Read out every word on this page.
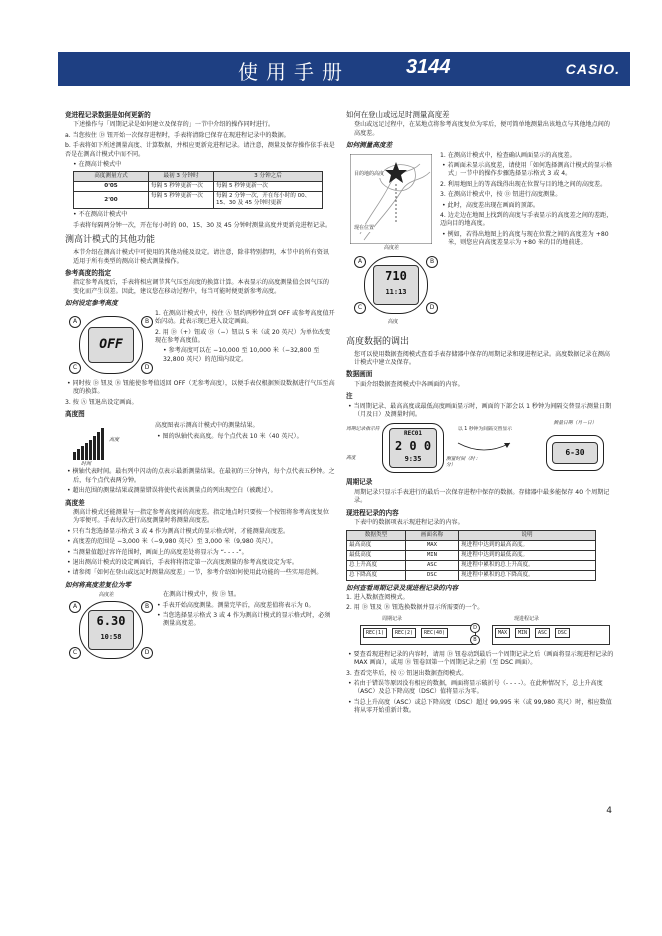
使用手册	3144	CASIO.

竞进程记录数据是如何更新的

下述操作与「周期记录是如何建立及保存的」一节中介绍的操作同时进行。

a. 当您按住 Ⓓ 钮开始一次保存进程时，手表将清除已保存在现进程记录中的数据。

b. 手表将如下所述测量高度、计算数据，并相应更新竞进程记录。请注意，测量及保存操作依手表是否是在测高计模式中而不同。

• 在测高计模式中

高度测量方式	最初 3 分钟时	3 分钟之后
0'05	每隔 5 秒钟更新一次	每隔 5 秒钟更新一次
2'00	每隔 5 秒钟更新一次	每隔 2 分钟一次，开在每小时的 00、15、30 及 45 分钟时更新

• 不在测高计模式中

手表将每隔两分钟一次，开在每小时的 00、15、30 及 45 分钟时测量高度并更新竞进程记录。

测高计模式的其他功能

本节介绍在测高计模式中可使用的其他功能及设定。请注意，除非特别指明，本节中的所有资讯适用于所有类型的测高计模式测量操作。

参考高度的指定

指定参考高度后，手表将相应调节其气压至高度的换算计算。本表显示的高度测量值会因气压的变化而产生误差。因此，建议您在移动过程中，每当可能时便更新参考高度。

如何设定参考高度

OFF
A	B
C	D

1. 在测高计模式中，按住 Ⓐ 钮约两秒钟直到 OFF 或参考高度值开始闪动。此表示现已进入设定画面。

2. 用 Ⓓ（+）钮或 Ⓑ（−）钮以 5 米（或 20 英尺）为单位改变现在参考高度值。

• 参考高度可以在 −10,000 至 10,000 米（−32,800 至 32,800 英尺）的范围内设定。

• 同时按 Ⓓ 钮及 Ⓑ 钮能使参考值返回 OFF（无参考高度），以便手表仅根据预设数据进行气压至高度的换算。

3. 按 Ⓐ 钮退出设定画面。

高度图

高度
时间

高度图表示测高计模式中的测量结果。

• 图的纵轴代表高度。每个点代表 10 米（40 英尺）。

• 横轴代表时间。最右列中闪动的点表示最新测量结果。在最初的三分钟内，每个点代表五秒钟。之后，每个点代表两分钟。

• 超出范围的测量结果或测量错误将使代表该测量点的列出现空白（被跳过）。

高度差

测高计模式还能测量与一指定参考高度间的高度差。指定地点时只要按一个按钮将参考高度复位为零便可。手表每次进行高度测量时将测量高度差。

• 只有当您选择显示格式 3 或 4 作为测高计模式的显示格式时，才能测量高度差。

• 高度差的范围是 −3,000 米（−9,980 英尺）至 3,000 米（9,980 英尺）。

• 当测量值超过容许范围时，画面上的高度差处将显示为 “- - - -”。

• 退出测高计模式的设定画面后，手表将将指定第一次高度测量的参考高度设定为零。

• 请参阅「如何在登山或远足时测量高度差」一节，参考介绍如何使用此功能的一些实用范例。

如何将高度差复位为零

高度差
6.30
10:58
A	B
C	D

在测高计模式中，按 Ⓓ 钮。

• 手表开始高度测量。测量完毕后，高度差值将表示为 0。

• 当您选择显示格式 3 或 4 作为测高计模式的显示格式时，必须测量高度差。

如何在登山或远足时测量高度差

登山或远足过程中，在某地点将参考高度复位为零后，便可简单地测量出该地点与其他地点间的高度差。

如何测量高度差

目的地的高度
现在位置
高度差
710
11:13
A	B
C	D
高度

1. 在测高计模式中，检查确认画面显示的高度差。

• 若画面未显示高度差，请使用「如何选择测高计模式的显示格式」一节中的操作步骤选择显示格式 3 或 4。

2. 利用地图上的等高线得出现在位置与目的地之间的高度差。

3. 在测高计模式中，按 Ⓓ 钮进行高度测量。

• 此时，高度差出现在画面的顶部。

4. 边走边在地图上找到的高度与手表显示的高度差之间的差距，迈向目的地高度。

• 例如，若得出地图上的高度与现在位置之间的高度差为 +80 米，则您应向高度差显示为 +80 米的目的地前进。

高度数据的调出

您可以使用数据查阅模式查看手表存储器中保存的周期记录和现进程记录。高度数据记录在测高计模式中建立及保存。

数据画面

下面介绍数据查阅模式中各画面的内容。

注

• 当周期记录、最高高度或最低高度画面显示时，画面的下部会以 1 秒钟为间隔交替显示测量日期（月及日）及测量时间。

周期记录指示符
高度
REC01
2 0 0
9:35
以 1 秒钟为间隔交替显示
测量时间（时 : 分）
测量日期（月－日）
6-30

周期记录

周期记录只显示手表进行的最后一次保存进程中保存的数据。存储器中最多能保存 40 个周期记录。

现进程记录的内容

下表中的数据项表示现进程记录的内容。

数据类型	画面名称	说明
最高高度	MAX	现进程中达到的最高高度。
最低高度	MIN	现进程中达到的最低高度。
总上升高度	ASC	现进程中累积的总上升高度。
总下降高度	DSC	现进程中累积的总下降高度。

如何查看周期记录及现进程记录的内容

1. 进入数据查阅模式。

2. 用 Ⓓ 钮及 Ⓑ 钮选换数据并显示所需要的一个。

周期记录	现进程记录
REC(1) REC(2) REC(40)
D
B
MAX MIN ASC DSC

• 要查看现进程记录的内容时，请用 Ⓓ 钮卷动到最后一个周期记录之后（画面将显示现进程记录的 MAX 画面），或用 Ⓑ 钮卷回第一个周期记录之前（至 DSC 画面）。

3. 查看完毕后，按 Ⓒ 钮退出数据查阅模式。

• 若由于错误等原因没有相应的数据，画面将显示破折号（- - - -）。在此种情况下，总上升高度（ASC）及总下降高度（DSC）值将显示为零。

• 当总上升高度（ASC）或总下降高度（DSC）超过 99,995 米（或 99,980 英尺）时，相应数值将从零开始重新计数。

4
